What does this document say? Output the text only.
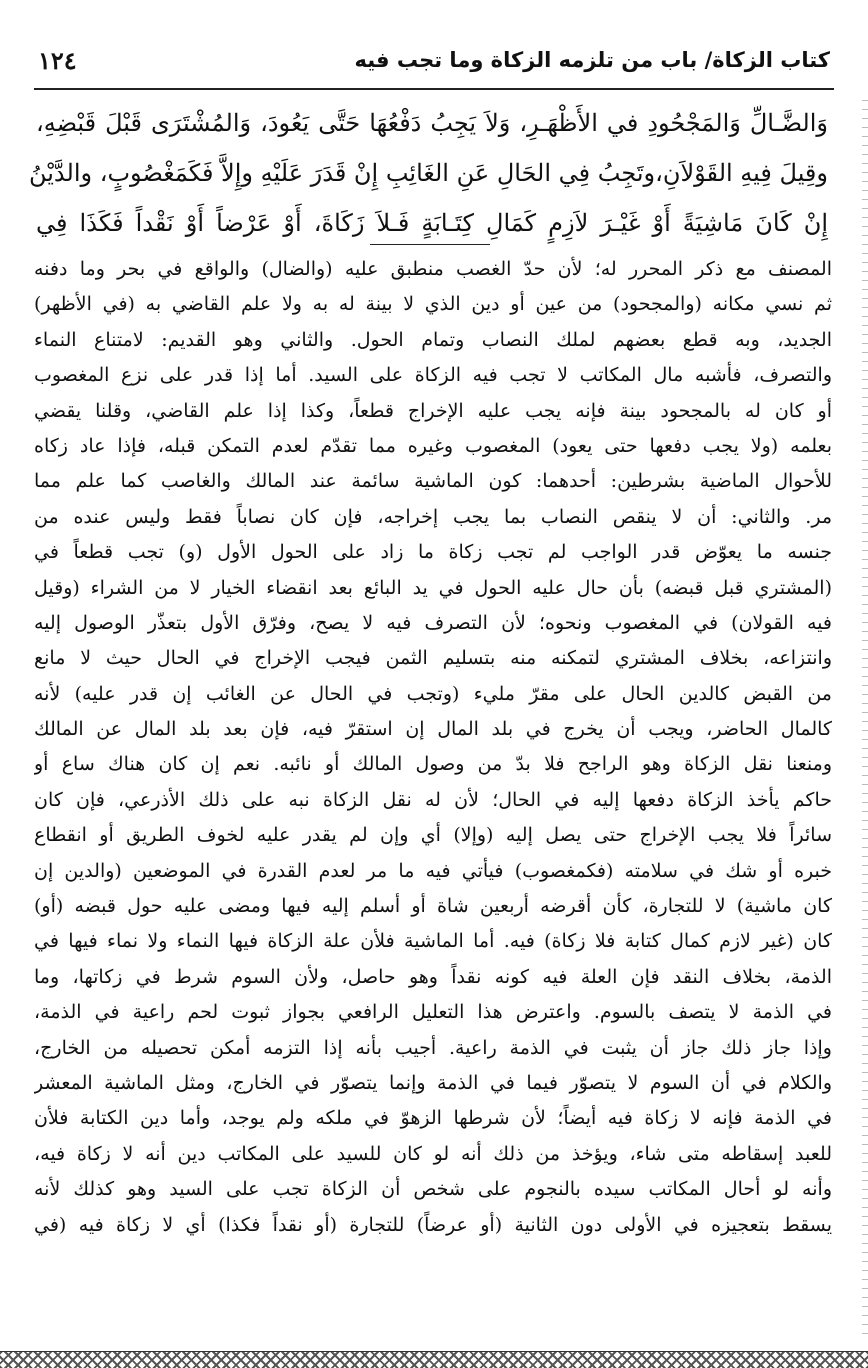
كتاب الزكاة/ باب من تلزمه الزكاة وما تجب فيه
١٢٤
وَالضَّـالِّ وَالمَجْحُودِ في الأَظْهَـرِ، وَلاَ يَجِبُ دَفْعُهَا حَتَّى يَعُودَ، وَالمُشْتَرَى قَبْلَ قَبْضِهِ،
وقِيلَ فِيهِ القَوْلاَنِ،وتَجِبُ فِي الحَالِ عَنِ الغَائِبِ إِنْ قَدَرَ عَلَيْهِ وإِلاَّ فَكَمَغْصُوبٍ، والدَّيْنُ
إِنْ كَانَ مَاشِيَةً أَوْ غَيْـرَ لاَزِمٍ كَمَالِ كِتَـابَةٍ فَـلاَ زَكَاةَ، أَوْ عَرْضاً أَوْ نَقْداً فَكَذَا فِي
المصنف مع ذكر المحرر له؛ لأن حدّ الغصب منطبق عليه (والضال) والواقع في بحر وما دفنه
ثم نسي مكانه (والمجحود) من عين أو دين الذي لا بينة له به ولا علم القاضي به (في الأظهر)
الجديد، وبه قطع بعضهم لملك النصاب وتمام الحول. والثاني وهو القديم: لامتناع النماء
والتصرف، فأشبه مال المكاتب لا تجب فيه الزكاة على السيد. أما إذا قدر على نزع المغصوب
أو كان له بالمجحود بينة فإنه يجب عليه الإخراج قطعاً، وكذا إذا علم القاضي، وقلنا يقضي
بعلمه (ولا يجب دفعها حتى يعود) المغصوب وغيره مما تقدّم لعدم التمكن قبله، فإذا عاد زكاه
للأحوال الماضية بشرطين: أحدهما: كون الماشية سائمة عند المالك والغاصب كما علم مما
مر. والثاني: أن لا ينقص النصاب بما يجب إخراجه، فإن كان نصاباً فقط وليس عنده من
جنسه ما يعوّض قدر الواجب لم تجب زكاة ما زاد على الحول الأول (و) تجب قطعاً في
(المشتري قبل قبضه) بأن حال عليه الحول في يد البائع بعد انقضاء الخيار لا من الشراء (وقيل
فيه القولان) في المغصوب ونحوه؛ لأن التصرف فيه لا يصح، وفرّق الأول بتعذّر الوصول إليه
وانتزاعه، بخلاف المشتري لتمكنه منه بتسليم الثمن فيجب الإخراج في الحال حيث لا مانع
من القبض كالدين الحال على مقرّ مليء (وتجب في الحال عن الغائب إن قدر عليه) لأنه
كالمال الحاضر، ويجب أن يخرج في بلد المال إن استقرّ فيه، فإن بعد بلد المال عن المالك
ومنعنا نقل الزكاة وهو الراجح فلا بدّ من وصول المالك أو نائبه. نعم إن كان هناك ساع أو
حاكم يأخذ الزكاة دفعها إليه في الحال؛ لأن له نقل الزكاة نبه على ذلك الأذرعي، فإن كان
سائراً فلا يجب الإخراج حتى يصل إليه (وإلا) أي وإن لم يقدر عليه لخوف الطريق أو انقطاع
خبره أو شك في سلامته (فكمغصوب) فيأتي فيه ما مر لعدم القدرة في الموضعين (والدين إن
كان ماشية) لا للتجارة، كأن أقرضه أربعين شاة أو أسلم إليه فيها ومضى عليه حول قبضه (أو)
كان (غير لازم كمال كتابة فلا زكاة) فيه. أما الماشية فلأن علة الزكاة فيها النماء ولا نماء فيها في
الذمة، بخلاف النقد فإن العلة فيه كونه نقداً وهو حاصل، ولأن السوم شرط في زكاتها، وما
في الذمة لا يتصف بالسوم. واعترض هذا التعليل الرافعي بجواز ثبوت لحم راعية في الذمة،
وإذا جاز ذلك جاز أن يثبت في الذمة راعية. أجيب بأنه إذا التزمه أمكن تحصيله من الخارج،
والكلام في أن السوم لا يتصوّر فيما في الذمة وإنما يتصوّر في الخارج، ومثل الماشية المعشر
في الذمة فإنه لا زكاة فيه أيضاً؛ لأن شرطها الزهوّ في ملكه ولم يوجد، وأما دين الكتابة فلأن
للعبد إسقاطه متى شاء، ويؤخذ من ذلك أنه لو كان للسيد على المكاتب دين أنه لا زكاة فيه،
وأنه لو أحال المكاتب سيده بالنجوم على شخص أن الزكاة تجب على السيد وهو كذلك لأنه
يسقط بتعجيزه في الأولى دون الثانية (أو عرضاً) للتجارة (أو نقداً فكذا) أي لا زكاة فيه (في
